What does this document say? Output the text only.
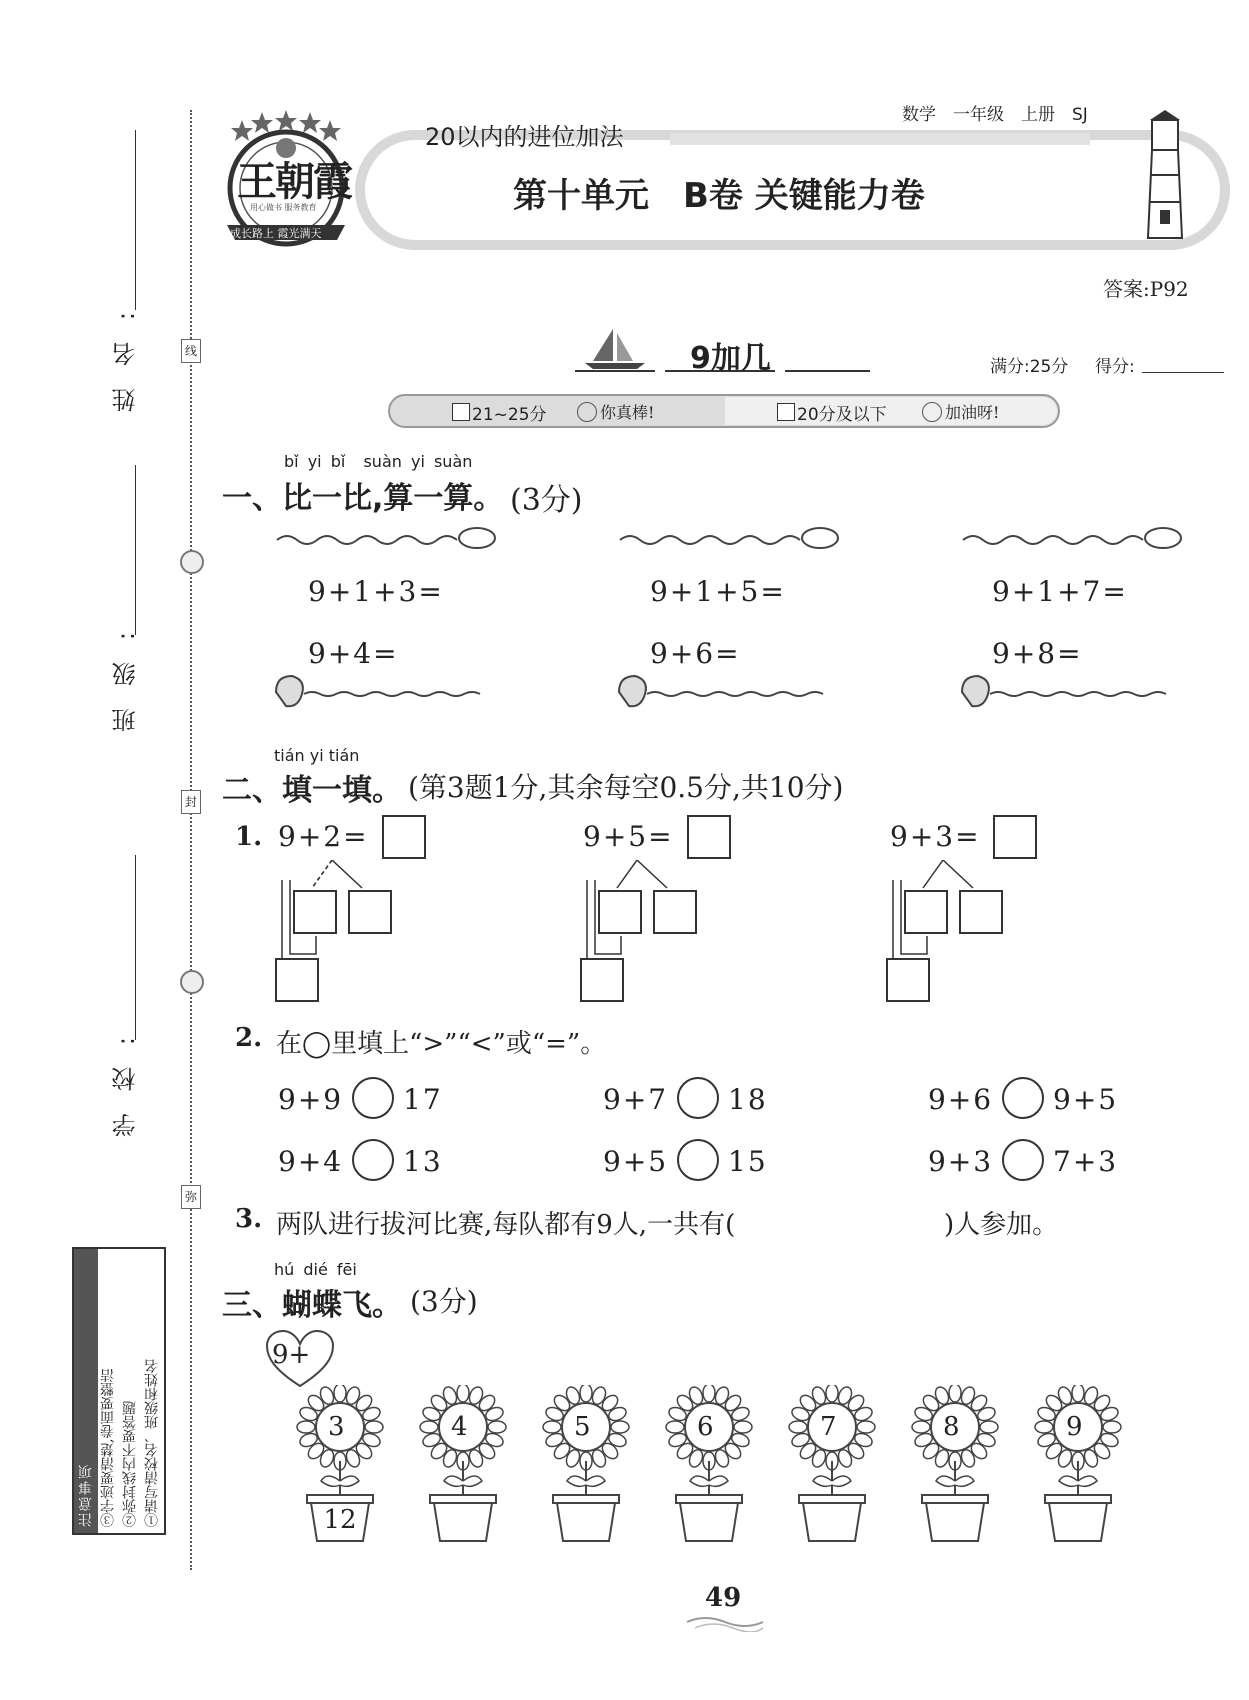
姓名:
班级:
学校:
线
封
弥
注意事项	①请写清校名、班级和姓名
②弥封线内不要答题
③字迹要清楚,卷面要整洁
王朝霞
用心做书 服务教育
成长路上 霞光满天
20以内的进位加法
数学　一年级　上册　SJ
第十单元　B卷 关键能力卷
答案:P92
9加几	满分:25分 得分:
21~25分	你真棒!	20分及以下	加油呀!
bǐ yi bǐ  suàn yi suàn
一、比一比,算一算。 (3分)
9+1+3=	9+1+5=	9+1+7=
9+4=	9+6=	9+8=
tián yi tián
二、填一填。 (第3题1分,其余每空0.5分,共10分)
1. 9+2=	9+5=	9+3=
2. 在◯里填上“>”“<”或“=”。
9+9 17	9+7 18	9+6 9+5
9+4 13	9+5 15	9+3 7+3
3. 两队进行拔河比赛,每队都有9人,一共有(	)人参加。
hú dié fēi
三、蝴蝶飞。 (3分)
9+
3
12
4	5	6	7	8	9
49
